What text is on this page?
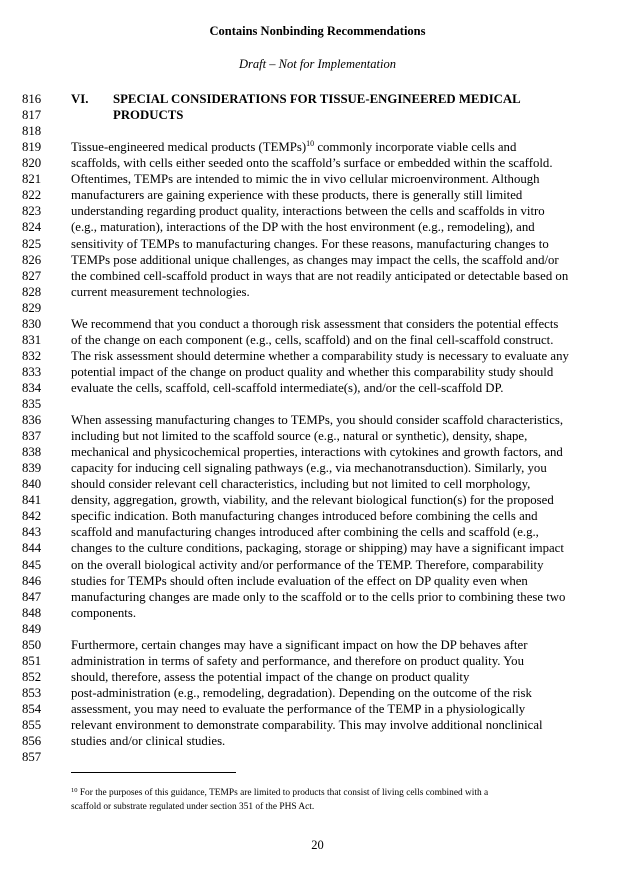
Contains Nonbinding Recommendations
Draft – Not for Implementation
816	VI. SPECIAL CONSIDERATIONS FOR TISSUE-ENGINEERED MEDICAL
817	PRODUCTS
818
819	Tissue-engineered medical products (TEMPs)$^{10}$ commonly incorporate viable cells and
820	scaffolds, with cells either seeded onto the scaffold’s surface or embedded within the scaffold.
821	Oftentimes, TEMPs are intended to mimic the in vivo cellular microenvironment. Although
822	manufacturers are gaining experience with these products, there is generally still limited
823	understanding regarding product quality, interactions between the cells and scaffolds in vitro
824	(e.g., maturation), interactions of the DP with the host environment (e.g., remodeling), and
825	sensitivity of TEMPs to manufacturing changes. For these reasons, manufacturing changes to
826	TEMPs pose additional unique challenges, as changes may impact the cells, the scaffold and/or
827	the combined cell-scaffold product in ways that are not readily anticipated or detectable based on
828	current measurement technologies.
829
830	We recommend that you conduct a thorough risk assessment that considers the potential effects
831	of the change on each component (e.g., cells, scaffold) and on the final cell-scaffold construct.
832	The risk assessment should determine whether a comparability study is necessary to evaluate any
833	potential impact of the change on product quality and whether this comparability study should
834	evaluate the cells, scaffold, cell-scaffold intermediate(s), and/or the cell-scaffold DP.
835
836	When assessing manufacturing changes to TEMPs, you should consider scaffold characteristics,
837	including but not limited to the scaffold source (e.g., natural or synthetic), density, shape,
838	mechanical and physicochemical properties, interactions with cytokines and growth factors, and
839	capacity for inducing cell signaling pathways (e.g., via mechanotransduction). Similarly, you
840	should consider relevant cell characteristics, including but not limited to cell morphology,
841	density, aggregation, growth, viability, and the relevant biological function(s) for the proposed
842	specific indication. Both manufacturing changes introduced before combining the cells and
843	scaffold and manufacturing changes introduced after combining the cells and scaffold (e.g.,
844	changes to the culture conditions, packaging, storage or shipping) may have a significant impact
845	on the overall biological activity and/or performance of the TEMP. Therefore, comparability
846	studies for TEMPs should often include evaluation of the effect on DP quality even when
847	manufacturing changes are made only to the scaffold or to the cells prior to combining these two
848	components.
849
850	Furthermore, certain changes may have a significant impact on how the DP behaves after
851	administration in terms of safety and performance, and therefore on product quality. You
852	should, therefore, assess the potential impact of the change on product quality
853	post-administration (e.g., remodeling, degradation). Depending on the outcome of the risk
854	assessment, you may need to evaluate the performance of the TEMP in a physiologically
855	relevant environment to demonstrate comparability. This may involve additional nonclinical
856	studies and/or clinical studies.
857
$^{10}$ For the purposes of this guidance, TEMPs are limited to products that consist of living cells combined with a
scaffold or substrate regulated under section 351 of the PHS Act.
20
